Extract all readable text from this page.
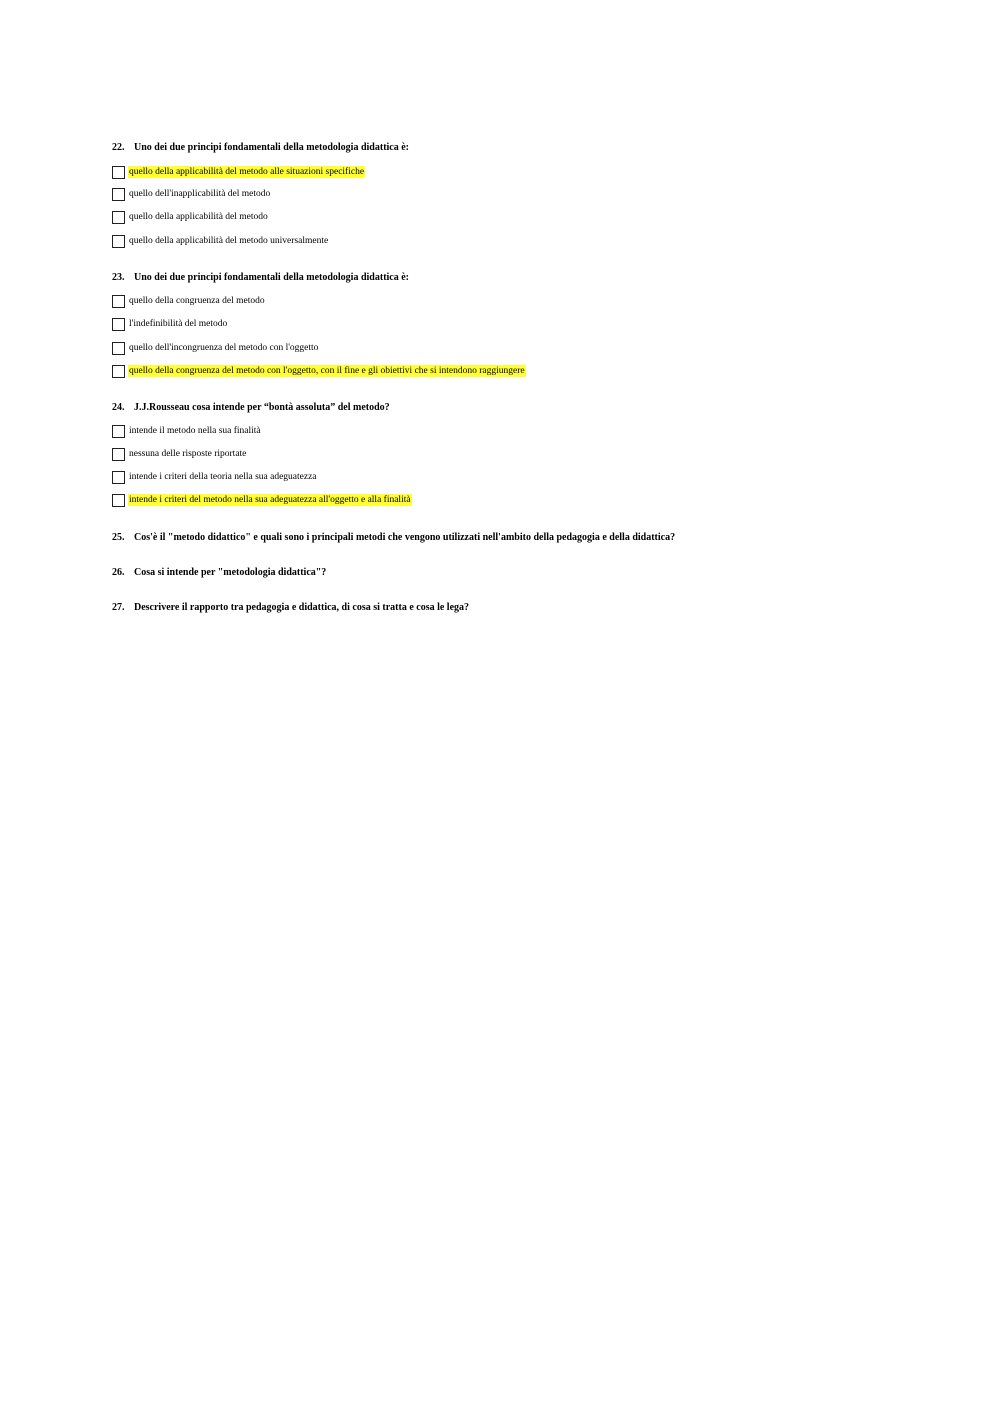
22. Uno dei due principi fondamentali della metodologia didattica è:
quello della applicabilità del metodo alle situazioni specifiche
quello dell'inapplicabilità del metodo
quello della applicabilità del metodo
quello della applicabilità del metodo universalmente
23. Uno dei due principi fondamentali della metodologia didattica è:
quello della congruenza del metodo
l'indefinibilità del metodo
quello dell'incongruenza del metodo con l'oggetto
quello della congruenza del metodo con l'oggetto, con il fine e gli obiettivi che si intendono raggiungere
24. J.J.Rousseau cosa intende per “bontà assoluta” del metodo?
intende il metodo nella sua finalità
nessuna delle risposte riportate
intende i criteri della teoria nella sua adeguatezza
intende i criteri del metodo nella sua adeguatezza all'oggetto e alla finalità
25. Cos'è il "metodo didattico" e quali sono i principali metodi che vengono utilizzati nell'ambito della pedagogia e della didattica?
26. Cosa si intende per "metodologia didattica"?
27. Descrivere il rapporto tra pedagogia e didattica, di cosa si tratta e cosa le lega?
